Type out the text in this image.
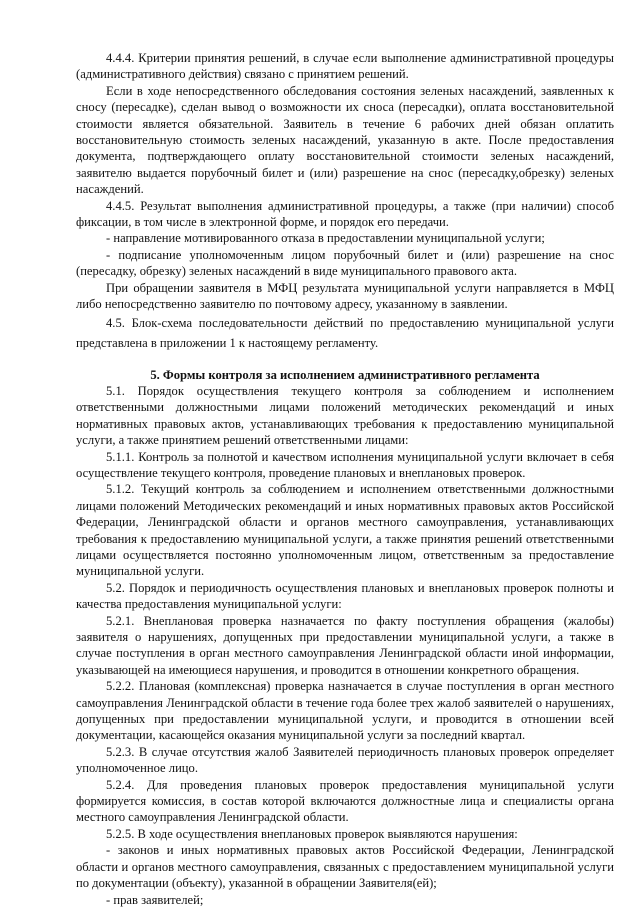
4.4.4. Критерии принятия решений, в случае если выполнение административной процедуры (административного действия) связано с принятием решений.

Если в ходе непосредственного обследования состояния зеленых насаждений, заявленных к сносу (пересадке), сделан вывод о возможности их сноса (пересадки), оплата восстановительной стоимости является обязательной. Заявитель в течение 6 рабочих дней обязан оплатить восстановительную стоимость зеленых насаждений, указанную в акте. После предоставления документа, подтверждающего оплату восстановительной стоимости зеленых насаждений, заявителю выдается порубочный билет и (или) разрешение на снос (пересадку,обрезку) зеленых насаждений.

4.4.5. Результат выполнения административной процедуры, а также (при наличии) способ фиксации, в том числе в электронной форме, и порядок его передачи.

- направление мотивированного отказа в предоставлении муниципальной услуги;

- подписание уполномоченным лицом порубочный билет и (или) разрешение на снос (пересадку, обрезку) зеленых насаждений в виде муниципального правового акта.

При обращении заявителя в МФЦ результата муниципальной услуги направляется в МФЦ либо непосредственно заявителю по почтовому адресу, указанному в заявлении.

4.5. Блок-схема последовательности действий по предоставлению муниципальной услуги представлена в приложении 1 к настоящему регламенту.

5. Формы контроля за исполнением административного регламента

5.1. Порядок осуществления текущего контроля за соблюдением и исполнением ответственными должностными лицами положений методических рекомендаций и иных нормативных правовых актов, устанавливающих требования к предоставлению муниципальной услуги, а также принятием решений ответственными лицами:

5.1.1. Контроль за полнотой и качеством исполнения муниципальной услуги включает в себя осуществление текущего контроля, проведение плановых и внеплановых проверок.

5.1.2. Текущий контроль за соблюдением и исполнением ответственными должностными лицами положений Методических рекомендаций и иных нормативных правовых актов Российской Федерации, Ленинградской области и органов местного самоуправления, устанавливающих требования к предоставлению муниципальной услуги, а также принятия решений ответственными лицами осуществляется постоянно уполномоченным лицом, ответственным за предоставление муниципальной услуги.

5.2. Порядок и периодичность осуществления плановых и внеплановых проверок полноты и качества предоставления муниципальной услуги:

5.2.1. Внеплановая проверка назначается по факту поступления обращения (жалобы) заявителя о нарушениях, допущенных при предоставлении муниципальной услуги, а также в случае поступления в орган местного самоуправления Ленинградской области иной информации, указывающей на имеющиеся нарушения, и проводится в отношении конкретного обращения.

5.2.2. Плановая (комплексная) проверка назначается в случае поступления в орган местного самоуправления Ленинградской области в течение года более трех жалоб заявителей о нарушениях, допущенных при предоставлении муниципальной услуги, и проводится в отношении всей документации, касающейся оказания муниципальной услуги за последний квартал.

5.2.3. В случае отсутствия жалоб Заявителей периодичность плановых проверок определяет уполномоченное лицо.

5.2.4. Для проведения плановых проверок предоставления муниципальной услуги формируется комиссия, в состав которой включаются должностные лица и специалисты органа местного самоуправления Ленинградской области.

5.2.5. В ходе осуществления внеплановых проверок выявляются нарушения:

- законов и иных нормативных правовых актов Российской Федерации, Ленинградской области и органов местного самоуправления, связанных с предоставлением муниципальной услуги по документации (объекту), указанной в обращении Заявителя(ей);

- прав заявителей;
